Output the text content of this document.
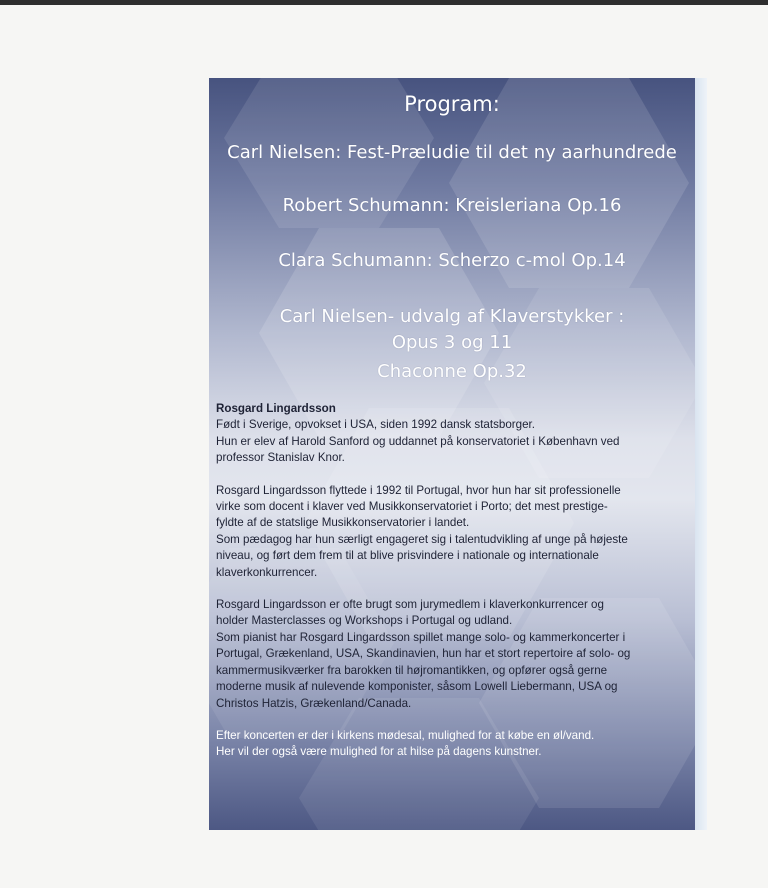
Program:
Carl Nielsen: Fest-Præludie til det ny aarhundrede
Robert Schumann: Kreisleriana Op.16
Clara Schumann: Scherzo c-mol Op.14
Carl Nielsen- udvalg af Klaverstykker :
Opus 3 og 11
Chaconne Op.32

Rosgard Lingardsson

Født i Sverige, opvokset i USA, siden 1992 dansk statsborger.

Hun er elev af Harold Sanford og uddannet på konservatoriet i København ved

professor Stanislav Knor.

Rosgard Lingardsson flyttede i 1992 til Portugal, hvor hun har sit professionelle

virke som docent i klaver ved Musikkonservatoriet i Porto; det mest prestige-

fyldte af de statslige Musikkonservatorier i landet.

Som pædagog har hun særligt engageret sig i talentudvikling af unge på højeste

niveau, og ført dem frem til at blive prisvindere i nationale og internationale

klaverkonkurrencer.

Rosgard Lingardsson er ofte brugt som jurymedlem i klaverkonkurrencer og

holder Masterclasses og Workshops i Portugal og udland.

Som pianist har Rosgard Lingardsson spillet mange solo- og kammerkoncerter i

Portugal, Grækenland, USA, Skandinavien, hun har et stort repertoire af solo- og

kammermusikværker fra barokken til højromantikken, og opfører også gerne

moderne musik af nulevende komponister, såsom Lowell Liebermann, USA og

Christos Hatzis, Grækenland/Canada.

Efter koncerten er der i kirkens mødesal, mulighed for at købe en øl/vand.

Her vil der også være mulighed for at hilse på dagens kunstner.
